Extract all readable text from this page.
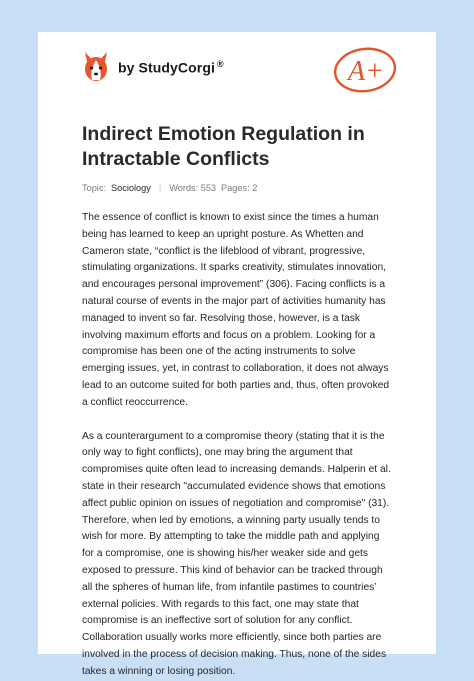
by StudyCorgi ®	A+
Indirect Emotion Regulation in Intractable Conflicts
Topic: Sociology | Words: 553 Pages: 2

The essence of conflict is known to exist since the times a human being has learned to keep an upright posture. As Whetten and Cameron state, “conflict is the lifeblood of vibrant, progressive, stimulating organizations. It sparks creativity, stimulates innovation, and encourages personal improvement” (306). Facing conflicts is a natural course of events in the major part of activities humanity has managed to invent so far. Resolving those, however, is a task involving maximum efforts and focus on a problem. Looking for a compromise has been one of the acting instruments to solve emerging issues, yet, in contrast to collaboration, it does not always lead to an outcome suited for both parties and, thus, often provoked a conflict reoccurrence.

As a counterargument to a compromise theory (stating that it is the only way to fight conflicts), one may bring the argument that compromises quite often lead to increasing demands. Halperin et al. state in their research "accumulated evidence shows that emotions affect public opinion on issues of negotiation and compromise" (31). Therefore, when led by emotions, a winning party usually tends to wish for more. By attempting to take the middle path and applying for a compromise, one is showing his/her weaker side and gets exposed to pressure. This kind of behavior can be tracked through all the spheres of human life, from infantile pastimes to countries’ external policies. With regards to this fact, one may state that compromise is an ineffective sort of solution for any conflict. Collaboration usually works more efficiently, since both parties are involved in the process of decision making. Thus, none of the sides takes a winning or losing position.
